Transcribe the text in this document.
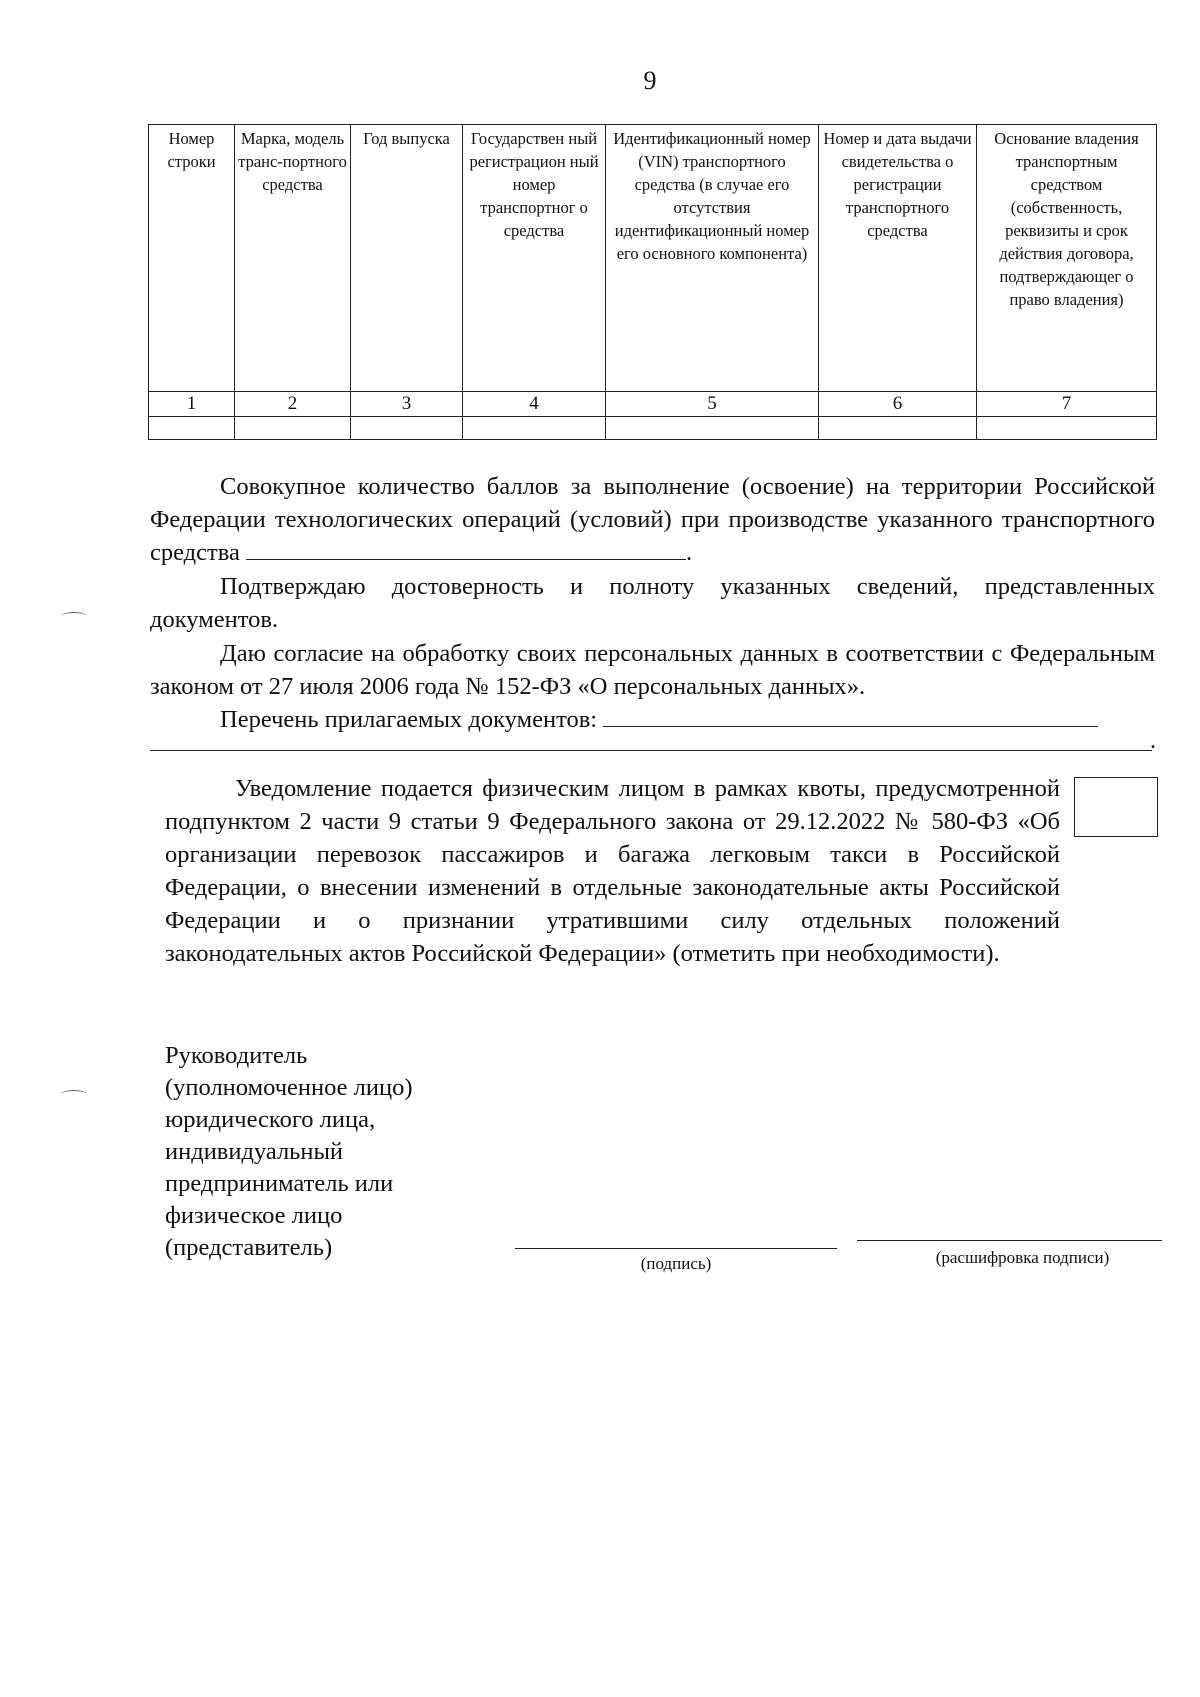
9
Номер строки	Марка, модель транс-портного средства	Год выпуска	Государствен ный регистрацион ный номер транспортног о средства	Идентификационный номер (VIN) транспортного средства (в случае его отсутствия идентификационный номер его основного компонента)	Номер и дата выдачи свидетельства о регистрации транспортного средства	Основание владения транспортным средством (собственность, реквизиты и срок действия договора, подтверждающег о право владения)
1	2	3	4	5	6	7

Совокупное количество баллов за выполнение (освоение) на территории Российской Федерации технологических операций (условий) при производстве указанного транспортного средства	.
Подтверждаю достоверность и полноту указанных сведений, представленных документов.
Даю согласие на обработку своих персональных данных в соответствии с Федеральным законом от 27 июля 2006 года № 152-ФЗ «О персональных данных».
Перечень прилагаемых документов:
.
Уведомление подается физическим лицом в рамках квоты, предусмотренной подпунктом 2 части 9 статьи 9 Федерального закона от 29.12.2022 № 580-ФЗ «Об организации перевозок пассажиров и багажа легковым такси в Российской Федерации, о внесении изменений в отдельные законодательные акты Российской Федерации и о признании утратившими силу отдельных положений законодательных актов Российской Федерации» (отметить при необходимости).
Руководитель
(уполномоченное лицо)
юридического лица,
индивидуальный
предприниматель или
физическое лицо
(представитель)
(подпись)	(расшифровка подписи)
